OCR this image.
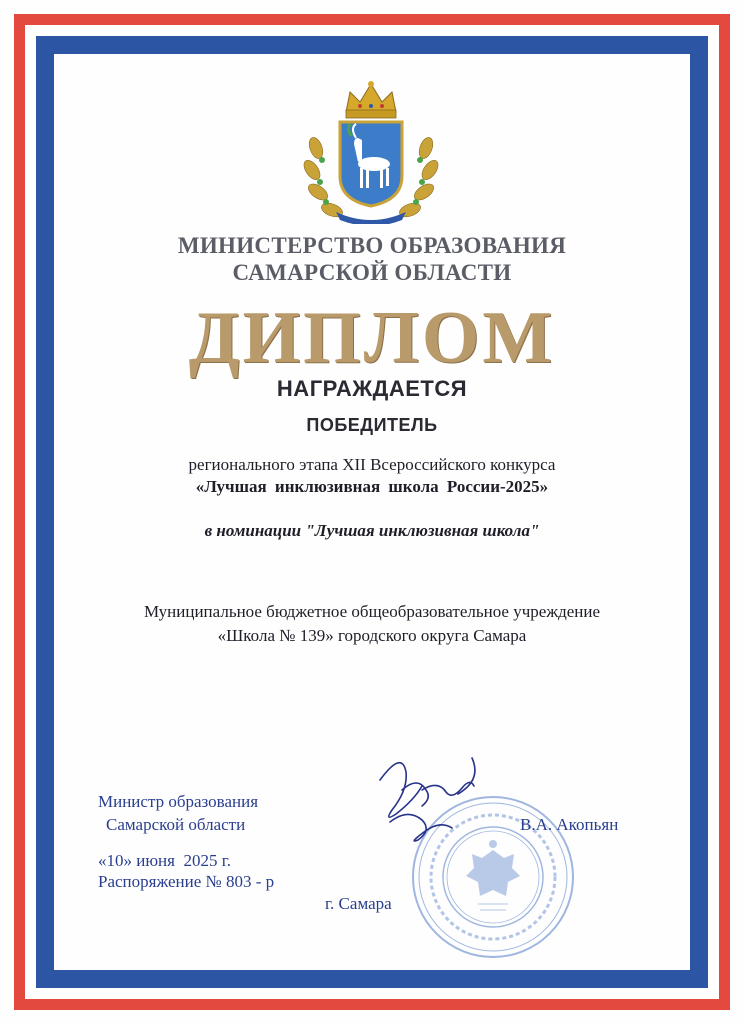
МИНИСТЕРСТВО ОБРАЗОВАНИЯ
САМАРСКОЙ ОБЛАСТИ
ДИПЛОМ
НАГРАЖДАЕТСЯ
ПОБЕДИТЕЛЬ
регионального этапа XII Всероссийского конкурса
«Лучшая инклюзивная школа России-2025»
в номинации "Лучшая инклюзивная школа"
Муниципальное бюджетное общеобразовательное учреждение
«Школа № 139» городского округа Самара
Министр образования
Самарской области	В.А. Акопьян
«10» июня  2025 г.
Распоряжение № 803 - р
г. Самара
